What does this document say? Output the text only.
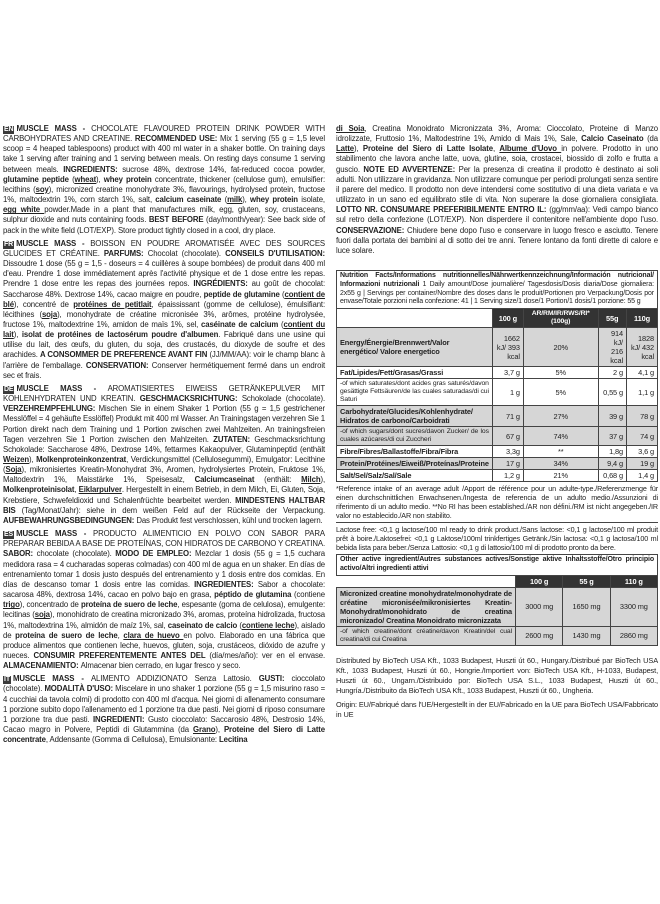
EN MUSCLE MASS - CHOCOLATE FLAVOURED PROTEIN DRINK POWDER WITH CARBOHYDRATES AND CREATINE. RECOMMENDED USE: Mix 1 serving (55 g = 1,5 level scoop = 4 heaped tablespoons) product with 400 ml water in a shaker bottle. On training days take 1 serving after training and 1 serving between meals. On resting days consume 1 serving between meals. INGREDIENTS: sucrose 48%, dextrose 14%, fat-reduced cocoa powder, glutamine peptide (wheat), whey protein concentrate, thickener (cellulose gum), emulsifier: lecithins (soy), micronized creatine monohydrate 3%, flavourings, hydrolysed protein, fructose 1%, maltodextrin 1%, corn starch 1%, salt, calcium caseinate (milk), whey protein isolate, egg white powder.Made in a plant that manufactures milk, egg, gluten, soy, crustaceans, sulphur dioxide and nuts containing foods. BEST BEFORE (day/month/year): See back side of pack in the white field (LOT/EXP). Store product tightly closed in a cool, dry place.
FR MUSCLE MASS - BOISSON EN POUDRE AROMATISÉE AVEC DES SOURCES GLUCIDES ET CRÉATINE. PARFUMS: Chocolat (chocolate). CONSEILS D'UTILISATION: Dissoudre 1 dose (55 g = 1,5 - doseurs = 4 cuillères à soupe bombées) de produit dans 400 ml d'eau. Prendre 1 dose immédiatement après l'activité physique et de 1 dose entre les repas. Prendre 1 dose entre les repas des journées repos. INGRÉDIENTS: au goût de chocolat: Saccharose 48%. Dextrose 14%, cacao maigre en poudre, peptide de glutamine (contient de blé), concentré de protéines de petitlait, épaississant (gomme de cellulose), émulsifiant: lécithines (soja), monohydrate de créatine micronisée 3%, arômes, protéine hydrolysée, fructose 1%, maltodextrine 1%, amidon de maïs 1%, sel, caséinate de calcium (contient du lait), isolat de protéines de lactosérum poudre d'albumen. Fabriqué dans une usine qui utilise du lait, des œufs, du gluten, du soja, des crustacés, du dioxyde de soufre et des arachides. A CONSOMMER DE PREFERENCE AVANT FIN (JJ/MM/AA): voir le champ blanc à l'arrière de l'emballage. CONSERVATION: Conserver hermétiquement fermé dans un endroit sec et frais.
DE MUSCLE MASS - AROMATISIERTES EIWEISS GETRÄNKEPULVER MIT KOHLENHYDRATEN UND KREATIN. GESCHMACKSRICHTUNG: Schokolade (chocolate). VERZEHREMPFEHLUNG: Mischen Sie in einem Shaker 1 Portion (55 g = 1,5 gestrichener Messlöffel = 4 gehäufte Esslöffel) Produkt mit 400 ml Wasser. An Trainingstagen verzehren Sie 1 Portion direkt nach dem Training und 1 Portion zwischen zwei Mahlzeiten. An trainingsfreien Tagen verzehren Sie 1 Portion zwischen den Mahlzeiten. ZUTATEN: Geschmacksrichtung Schokolade: Saccharose 48%, Dextrose 14%, fettarmes Kakaopulver, Glutaminpeptid (enthält Weizen), Molkenproteinkonzentrat, Verdickungsmittel (Cellulosegummi), Emulgator: Lecithine (Soja), mikronisiertes Kreatin-Monohydrat 3%, Aromen, hydrolysiertes Protein, Fruktose 1%, Maltodextrin 1%, Maisstärke 1%, Speisesalz, Calciumcaseinat (enthält: Milch), Molkenproteinisolat, Eiklarpulver. Hergestellt in einem Betrieb, in dem Milch, Ei, Gluten, Soja, Krebstiere, Schwefeldioxid und Schalenfrüchte bearbeitet werden. MINDESTENS HALTBAR BIS (Tag/Monat/Jahr): siehe in dem weißen Feld auf der Rückseite der Verpackung. AUFBEWAHRUNGSBEDINGUNGEN: Das Produkt fest verschlossen, kühl und trocken lagern.
ES MUSCLE MASS - PRODUCTO ALIMENTICIO EN POLVO CON SABOR PARA PREPARAR BEBIDA A BASE DE PROTEÍNAS, CON HIDRATOS DE CARBONO Y CREATINA. SABOR: chocolate (chocolate). MODO DE EMPLEO: Mezclar 1 dosis (55 g = 1,5 cuchara medidora rasa = 4 cucharadas soperas colmadas) con 400 ml de agua en un shaker. En días de entrenamiento tomar 1 dosis justo después del entrenamiento y 1 dosis entre dos comidas. En días de descanso tomar 1 dosis entre las comidas. INGREDIENTES: Sabor a chocolate: sacarosa 48%, dextrosa 14%, cacao en polvo bajo en grasa, péptido de glutamina (contiene trigo), concentrado de proteína de suero de leche, espesante (goma de celulosa), emulgente: lecitinas (soja), monohidrato de creatina micronizado 3%, aromas, proteína hidrolizada, fructosa 1%, maltodextrina 1%, almidón de maíz 1%, sal, caseinato de calcio (contiene leche), aislado de proteína de suero de leche, clara de huevo en polvo. Elaborado en una fábrica que produce alimentos que contienen leche, huevos, gluten, soja, crustáceos, dióxido de azufre y nueces. CONSUMIR PREFERENTEMENTE ANTES DEL (día/mes/año): ver en el envase. ALMACENAMIENTO: Almacenar bien cerrado, en lugar fresco y seco.
IT MUSCLE MASS - ALIMENTO ADDIZIONATO Senza Lattosio. GUSTI: cioccolato (chocolate). MODALITÀ D'USO: Miscelare in uno shaker 1 porzione (55 g = 1,5 misurino raso = 4 cucchiai da tavola colmi) di prodotto con 400 ml d'acqua. Nei giorni di allenamento consumare 1 porzione subito dopo l'allenamento ed 1 porzione tra due pasti. Nei giorni di riposo consumare 1 porzione tra due pasti. INGREDIENTI: Gusto cioccolato: Saccarosio 48%, Destrosio 14%, Cacao magro in Polvere, Peptidi di Glutammina (da Grano), Proteine del Siero di Latte concentrate, Addensante (Gomma di Cellulosa), Emulsionante: Lecitina
di Soia, Creatina Monoidrato Micronizzata 3%, Aroma: Cioccolato, Proteine di Manzo idrolizzate, Fruttosio 1%, Maltodestrine 1%, Amido di Mais 1%, Sale, Calcio Caseinato (da Latte), Proteine del Siero di Latte Isolate, Albume d'Uovo in polvere. Prodotto in uno stabilimento che lavora anche latte, uova, glutine, soia, crostacei, biossido di zolfo e frutta a guscio. NOTE ED AVVERTENZE: Per la presenza di creatina il prodotto è destinato ai soli adulti. Non utilizzare in gravidanza. Non utilizzare comunque per periodi prolungati senza sentire il parere del medico. Il prodotto non deve intendersi come sostitutivo di una dieta variata e va utilizzato in un sano ed equilibrato stile di vita. Non superare la dose giornaliera consigliata. LOTTO NR. CONSUMARE PREFERIBILMENTE ENTRO IL: (gg/mm/aa): Vedi campo bianco sul retro della confezione (LOT/EXP). Non disperdere il contenitore nell'ambiente dopo l'uso. CONSERVAZIONE: Chiudere bene dopo l'uso e conservare in luogo fresco e asciutto. Tenere fuori dalla portata dei bambini al di sotto dei tre anni. Tenere lontano da fonti dirette di calore e luce solare.
Nutrition Facts/Informations nutritionnelles/Nährwertkennzeichnung/Información nutricional/ Informazioni nutrizionali 1 Daily amount/Dose journalière/ Tagesdosis/Dosis diaria/Dose giornaliera: 2x55 g | Servings per container/Nombre des doses dans le produit/Portionen pro Verpackung/Dosis por envase/Totale porzioni nella confezione: 41 | 1 Serving size/1 dose/1 Portion/1 dosis/1 porzione: 55 g				
	100 g	AR/RM/IR/RWS/RI*(100g)	55g	110g
Energy/Énergie/Brennwert/Valor energético/ Valore energetico	1662 kJ/ 393 kcal	20%	914 kJ/ 216 kcal	1828 kJ/ 432 kcal
Fat/Lipides/Fett/Grasas/Grassi	3,7 g	5%	2 g	4,1 g
-of which saturates/dont acides gras saturés/davon gesättigte Fettsäuren/de las cuales saturadas/di cui Saturi	1 g	5%	0,55 g	1,1 g
Carbohydrate/Glucides/Kohlenhydrate/ Hidratos de carbono/Carboidrati	71 g	27%	39 g	78 g
-of which sugars/dont sucres/davon Zucker/ de los cuales azúcares/di cui Zuccheri	67 g	74%	37 g	74 g
Fibre/Fibres/Ballastoffe/Fibra/Fibra	3,3g	**	1,8g	3,6 g
Protein/Protéines/Eiweiß/Proteínas/Proteine	17 g	34%	9,4 g	19 g
Salt/Sel/Salz/Sal/Sale	1,2 g	21%	0,68 g	1,4 g
*Reference intake of an average adult /Apport de référence pour un adulte-type./Referenzmenge für einen durchschnittlichen Erwachsenen./Ingesta de referencia de un adulto medio./Assunzioni di riferimento di un adulto medio. **No RI has been established./AR non défini./RM ist nicht angegeben./IR valor no establecido./AR non stabilito.
Lactose free: <0,1 g lactose/100 ml ready to drink product./Sans lactose: <0,1 g lactose/100 ml produit prêt à boire./Laktosefrei: <0,1 g Laktose/100ml trinkfertiges Getränk./Sin lactosa: <0,1 g lactosa/100 ml bebida lista para beber./Senza Lattosio: <0,1 g di lattosio/100 ml di prodotto pronto da bere.
Other active ingredient/Autres substances actives/Sonstige aktive Inhaltsstoffe/Otro principio activo/Altri ingredienti attivi			
	100 g	55 g	110 g
Micronized creatine monohydrate/monohydrate de créatine micronisée/mikronisiertes Kreatin-Monohydrat/monohidrato de creatina micronizado/ Creatina Monoidrato micronizzata	3000 mg	1650 mg	3300 mg
-of which creatine/dont créatine/davon Kreatin/del cual creatina/di cui Creatina	2600 mg	1430 mg	2860 mg
Distributed by BioTech USA Kft., 1033 Budapest, Huszti út 60., Hungary./Distribué par BioTech USA Kft., 1033 Budapest, Huszti út 60., Hongrie./Importiert von: BioTech USA Kft., H-1033, Budapest, Huszti út 60., Ungarn./Distribuido por: BioTech USA S.L., 1033 Budapest, Huszti út 60., Hungría./Distribuito da BioTech USA Kft., 1033 Budapest, Huszti út 60., Ungheria.
Origin: EU/Fabriqué dans l'UE/Hergestellt in der EU/Fabricado en la UE para BioTech USA/Fabbricato in UE
